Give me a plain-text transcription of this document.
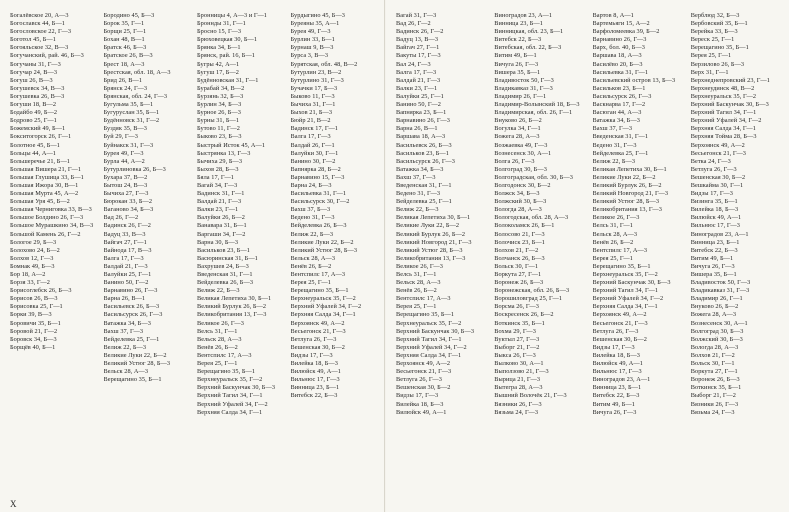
Богалёвское 20, А—3
Богославск 44, Б—1
Богословское 22, Г—3
Боготол 45, Б—1
Богояльское 32, В—3
Богучанский, рай. 46, Б—3
Богучаны 31, Г—3
Богучар 24, В—3
Богуш 26, В—3
Богушевск 34, В—3
Богушевка 26, В—3
Богуши 18, В—2
Бодайбо 49, Б—2
Бодрово 25, Г—1
Божемский 49, Б—1
Бокситогорск 26, Г—1
Болотное 45, Б—1
Больцы 44, А—1
Большеречье 21, Б—1
Большая Вишера 21, Г—1
Большая Глушица 33, Б—1
Большая Ижора 30, В—1
Большая Мурта 45, А—2
Большая Уря 45, Б—2
Большая Черниговка 33, В—3
Большое Болдино 26, Г—3
Большое Мурашкино 34, В—3
Большой Камень 26, Г—2
Бологое 29, Б—3
Болохово 24, Б—2
Болхов 12, Г—3
Бомнак 49, Б—3
Бор 18, А—2
Борзя 33, Г—2
Борисоглебск 26, Б—3
Борисов 26, В—3
Борисовка 25, Г—1
Борки 39, В—3
Боровичи 35, Б—1
Боровой 21, Г—2
Боровск 34, Б—3
Борщёв 40, Б—1
Бородино 45, Б—3
Борок 35, Г—1
Борщи 25, Г—1
Бохан 48, В—1
Братск 46, Б—3
Братское 26, В—3
Брест 18, А—3
Брестская, обл. 18, А—3
Брид 26, В—1
Брянск 24, Г—3
Брянская, обл. 24, Г—3
Бугульма 35, Б—1
Бугуруслан 35, Б—1
Будённовск 31, Г—2
Буздяк 35, В—3
Буй 29, Г—3
Буйнакск 31, Г—3
Бурея 49, Г—3
Бурла 44, А—2
Бутурлиновка 26, Б—3
Бухара 37, В—2
Бытош 24, В—3
Бычиха 27, Г—3
Бюрокан 33, Б—2
Ваганово 34, Б—3
Вад 26, Г—2
Вадинск 26, Г—2
Вадуц 33, В—3
Вайгач 27, Г—1
Вайнода 17, В—3
Валга 17, Г—3
Валдай 21, Г—3
Валуйки 25, Г—1
Ванино 50, Г—2
Варнавино 26, Г—3
Варна 26, В—1
Васильевск 26, Б—3
Васильсурск 26, Г—3
Ватажка 34, Б—3
Вахш 37, Г—3
Вейделевка 25, Г—1
Велиж 22, Б—3
Великие Луки 22, Б—2
Великий Устюг 28, Б—3
Вельск 28, А—3
Верещагино 35, Б—1
Бронницы 4, А—3 и Г—1
Броннды 31, Г—1
Бросно 15, Г—3
Брюховецкая 30, Б—1
Брянка 34, Б—1
Брянск, рай. 16, Б—1
Бугры 42, А—1
Бугуш 17, Б—2
Будённовская 31, Г—1
Бурабай 34, В—2
Бурзянь 32, Б—3
Бурлин 34, Б—3
Бурное 26, Б—3
Бурны 31, Б—1
Бутово 11, Г—2
Быково 23, Б—3
Быстрый Исток 45, А—1
Быстрянка 13, Г—3
Бычиха 29, Б—3
Быхов 28, Б—3
Бяла 17, Г—1
Вагай 34, Г—3
Вадинск 31, Г—1
Валдай 21, Г—3
Валки 23, Г—1
Валуйки 26, Б—2
Ванавара 31, Б—1
Варгаши 34, Г—2
Варна 30, Б—3
Васильков 23, Б—1
Васюринская 31, Б—1
Вахрушев 24, Б—3
Введенская 31, Г—1
Вейделевка 26, Б—3
Велиж 22, Б—3
Великая Лепетиха 30, Б—1
Великий Бурлук 26, Б—2
Великобритания 13, Г—3
Великое 26, Г—3
Велсь 31, Г—1
Вельск 28, А—3
Венёв 26, Б—2
Вентспилс 17, А—3
Верея 25, Г—1
Верещагино 35, Б—1
Верхнеуральск 35, Г—2
Верхний Баскунчак 30, Б—3
Верхний Тагил 34, Г—1
Верхний Уфалей 34, Г—2
Верхняя Салда 34, Г—1
Бурдыгино 45, Б—3
Буреяны 35, А—1
Бурея 49, Г—3
Бурлин 33, Б—1
Бурнаш 9, В—3
Бурса 3, В—3
Бурятская, обл. 48, В—2
Бутурлин 23, В—2
Бутурлино 31, Г—3
Бучачки 17, Б—3
Быково 11, Г—3
Бычиха 31, Г—1
Быхов 21, Б—3
Бюйр 21, В—2
Вадинск 17, Г—1
Валга 17, Г—3
Валдай 26, Г—1
Валуйки 30, Г—1
Ванино 30, Г—2
Вапнярка 28, Б—2
Варнавино 15, Г—3
Варна 24, Б—3
Васильевка 31, Г—1
Васильсурск 30, Г—2
Вахш 37, Б—3
Ведено 31, Г—3
Вейделевка 26, Б—3
Велиж 22, Б—3
Великие Луки 22, Б—2
Великий Устюг 28, Б—3
Вельск 28, А—3
Венёв 26, Б—2
Вентспилс 17, А—3
Верея 25, Г—1
Верещагино 35, Б—1
Верхнеуральск 35, Г—2
Верхний Уфалей 34, Г—2
Верхняя Салда 34, Г—1
Верхоянск 49, А—2
Весьегонск 21, Г—3
Ветлуга 26, Г—3
Вешенская 30, Б—2
Видзы 17, Г—3
Вилейка 18, Б—3
Вилюйск 49, А—1
Вильнюс 17, Г—3
Винница 23, Б—1
Витебск 22, Б—3
X
Вагай 31, Г—3
Вад 26, Г—2
Вадинск 26, Г—2
Вадуц 13, В—3
Вайгач 27, Г—1
Вакуты 17, Г—3
Вал 24, Г—3
Валга 17, Г—3
Валдай 21, Г—3
Валки 23, Г—1
Валуйки 25, Г—1
Ванино 50, Г—2
Вапнярка 23, Б—1
Варнавино 26, Г—3
Варна 26, В—1
Варшава 18, А—3
Васильевск 26, Б—3
Васильков 23, Б—1
Васильсурск 26, Г—3
Ватажка 34, Б—3
Вахш 37, Г—3
Введенская 31, Г—1
Ведено 31, Г—3
Вейделевка 25, Г—1
Велиж 22, Б—3
Великая Лепетиха 30, Б—1
Великие Луки 22, Б—2
Великий Бурлук 26, Б—2
Великий Новгород 21, Г—3
Великий Устюг 28, Б—3
Великобритания 13, Г—3
Великое 26, Г—3
Велсь 31, Г—1
Вельск 28, А—3
Венёв 26, Б—2
Вентспилс 17, А—3
Верея 25, Г—1
Верещагино 35, Б—1
Верхнеуральск 35, Г—2
Верхний Баскунчак 30, Б—3
Верхний Тагил 34, Г—1
Верхний Уфалей 34, Г—2
Верхняя Салда 34, Г—1
Верхоянск 49, А—2
Весьегонск 21, Г—3
Ветлуга 26, Г—3
Вешенская 30, Б—2
Видзы 17, Г—3
Вилейка 18, Б—3
Вилюйск 49, А—1
Виноградов 23, А—1
Винница 23, Б—1
Винницкая, обл. 23, Б—1
Витебск 22, Б—3
Витебская, обл. 22, Б—3
Витим 49, Б—1
Вичуга 26, Г—3
Вишера 35, Б—1
Владивосток 50, Г—3
Владикавказ 31, Г—3
Владимир 26, Г—1
Владимир-Волынский 18, Б—3
Владимирская, обл. 26, Г—1
Внуково 26, Б—2
Вогулка 34, Г—1
Вожега 28, А—3
Возжаевка 49, Г—3
Вознесенск 30, А—1
Волга 26, Г—3
Волгоград 30, Б—3
Волгоградская, обл. 30, Б—3
Волгодонск 30, Б—2
Волжск 34, Б—3
Волжский 30, Б—3
Вологда 28, А—3
Вологодская, обл. 28, А—3
Волоколамск 26, Б—1
Волосово 21, Г—3
Волочиск 23, Б—1
Волхов 21, Г—2
Волчанск 26, Б—3
Вольск 30, Г—1
Воркута 27, Г—1
Воронеж 26, Б—3
Воронежская, обл. 26, Б—3
Ворошиловград 25, Г—1
Ворсма 26, Г—3
Воскресенск 26, Б—2
Воткинск 35, Б—1
Вохма 29, Г—3
Вуктыл 27, Г—3
Выборг 21, Г—2
Выкса 26, Г—3
Вылково 30, А—1
Выползово 21, Г—3
Вырица 21, Г—3
Вытегра 28, А—3
Вышний Волочёк 21, Г—3
Вязники 26, Г—3
Вязьма 24, Г—3
Вартов 8, А—1
Вартемьяги 15, А—2
Варфоломеевка 39, Б—2
Варнавино 26, Г—3
Варх, бол. 40, Б—3
Варшава 18, А—3
Василёво 20, Б—3
Васильевка 31, Г—1
Васильевский остров 13, Б—3
Васильков 23, Б—1
Васильсурск 26, Г—3
Васкнарва 17, Г—2
Васюган 44, А—3
Ватажка 34, Б—3
Вахш 37, Г—3
Введенская 31, Г—1
Ведено 31, Г—3
Вейделевка 25, Г—1
Велиж 22, Б—3
Великая Лепетиха 30, Б—1
Великие Луки 22, Б—2
Великий Бурлук 26, Б—2
Великий Новгород 21, Г—3
Великий Устюг 28, Б—3
Великобритания 13, Г—3
Великое 26, Г—3
Велсь 31, Г—1
Вельск 28, А—3
Венёв 26, Б—2
Вентспилс 17, А—3
Верея 25, Г—1
Верещагино 35, Б—1
Верхнеуральск 35, Г—2
Верхний Баскунчак 30, Б—3
Верхний Тагил 34, Г—1
Верхний Уфалей 34, Г—2
Верхняя Салда 34, Г—1
Верхоянск 49, А—2
Весьегонск 21, Г—3
Ветлуга 26, Г—3
Вешенская 30, Б—2
Видзы 17, Г—3
Вилейка 18, Б—3
Вилюйск 49, А—1
Вильнюс 17, Г—3
Виноградов 23, А—1
Винница 23, Б—1
Витебск 22, Б—3
Витим 49, Б—1
Вичуга 26, Г—3
Верблюд 32, Б—3
Вербовский 35, Б—1
Верейка 33, Б—3
Вереск 25, Г—1
Верещагино 35, Б—1
Верея 25, Г—1
Верзилово 26, Б—3
Верх 31, Г—1
Верхнеднепровский 23, Г—1
Верхнеудинск 48, В—2
Верхнеуральск 35, Г—2
Верхний Баскунчак 30, Б—3
Верхний Тагил 34, Г—1
Верхний Уфалей 34, Г—2
Верхняя Салда 34, Г—1
Верхняя Тойма 28, Б—3
Верхоянск 49, А—2
Весьегонск 21, Г—3
Ветка 24, Г—3
Ветлуга 26, Г—3
Вешенская 30, Б—2
Вешкайма 30, Г—1
Видзы 17, Г—3
Визинга 35, Б—1
Вилейка 18, Б—3
Вилюйск 49, А—1
Вильнюс 17, Г—3
Виноградов 23, А—1
Винница 23, Б—1
Витебск 22, Б—3
Витим 49, Б—1
Вичуга 26, Г—3
Вишера 35, Б—1
Владивосток 50, Г—3
Владикавказ 31, Г—3
Владимир 26, Г—1
Внуково 26, Б—2
Вожега 28, А—3
Вознесенск 30, А—1
Волгоград 30, Б—3
Волжский 30, Б—3
Вологда 28, А—3
Волхов 21, Г—2
Вольск 30, Г—1
Воркута 27, Г—1
Воронеж 26, Б—3
Воткинск 35, Б—1
Выборг 21, Г—2
Вязники 26, Г—3
Вязьма 24, Г—3
